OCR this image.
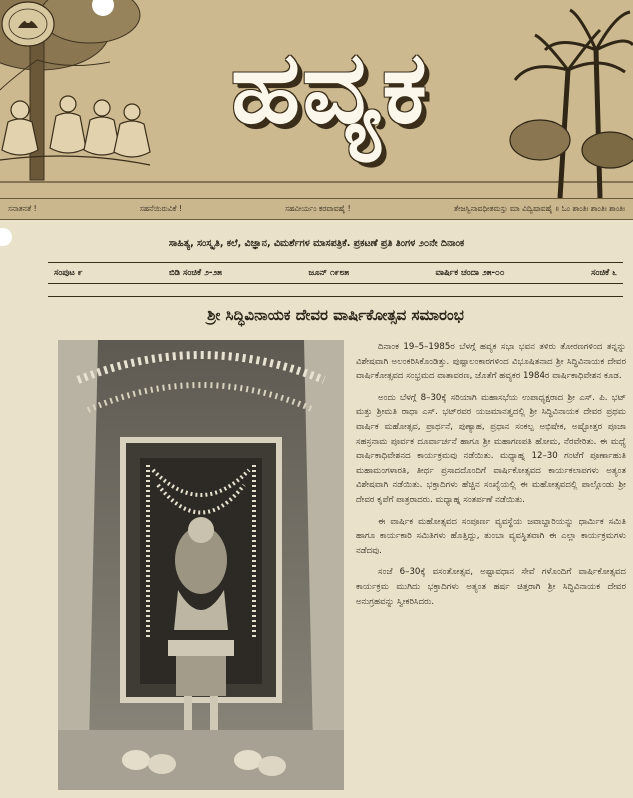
ಹವ್ಯಕ
ಸನಾತನತೆ !	ಸಹನೆಯಿರುವಿಕೆ !	ಸಹವೀರ್ಯಂ ಕರವಾವಹೈ !	ತೇಜಸ್ವಿನಾವಧೀತಮಸ್ತು ಮಾ ವಿದ್ವಿಷಾವಹೈ ॥ ಓಂ ಶಾಂತಿಃ ಶಾಂತಿಃ ಶಾಂತಿಃ
ಸಾಹಿತ್ಯ, ಸಂಸ್ಕೃತಿ, ಕಲೆ, ವಿಜ್ಞಾನ, ವಿಮರ್ಶೆಗಳ ಮಾಸಪತ್ರಿಕೆ. ಪ್ರಕಟಣೆ ಪ್ರತಿ ತಿಂಗಳ ೨೦ನೇ ದಿನಾಂಕ
ಸಂಪುಟ ೯	ಬಿಡಿ ಸಂಚಿಕೆ ೨-೨೫	ಜೂನ್ ೧೯೮೫	ವಾರ್ಷಿಕ ಚಂದಾ ೨೫-೦೦	ಸಂಚಿಕೆ ೬
ಶ್ರೀ ಸಿದ್ಧಿವಿನಾಯಕ ದೇವರ ವಾರ್ಷಿಕೋತ್ಸವ ಸಮಾರಂಭ

ದಿನಾಂಕ 19–5–1985ರ ಬೆಳಗ್ಗೆ ಹವ್ಯಕ ಸಭಾ ಭವನ ತಳಿರು ತೋರಣಗಳಿಂದ ತನ್ನನ್ನು ವಿಶೇಷವಾಗಿ ಅಲಂಕರಿಸಿಕೊಂಡಿತ್ತು. ಪುಷ್ಪಾಲಂಕಾರಗಳಿಂದ ವಿಭೂಷಿತನಾದ ಶ್ರೀ ಸಿದ್ಧಿವಿನಾಯಕ ದೇವರ ವಾರ್ಷಿಕೋತ್ಸವದ ಸಂಭ್ರಮದ ವಾತಾವರಣ, ಜೊತೆಗೆ ಹವ್ಯಕರ 1984ರ ವಾರ್ಷಿಕಾಧಿವೇಶನ ಕೂಡ.

ಅಂದು ಬೆಳಗ್ಗೆ 8–30ಕ್ಕೆ ಸರಿಯಾಗಿ ಮಹಾಸಭೆಯ ಉಪಾಧ್ಯಕ್ಷರಾದ ಶ್ರೀ ಎಸ್. ಪಿ. ಭಟ್ ಮತ್ತು ಶ್ರೀಮತಿ ರಾಧಾ ಎಸ್. ಭಟ್‌ರವರ ಯಜಮಾನತ್ವದಲ್ಲಿ ಶ್ರೀ ಸಿದ್ಧಿವಿನಾಯಕ ದೇವರ ಪ್ರಥಮ ವಾರ್ಷಿಕ ಮಹೋತ್ಸವ, ಪ್ರಾರ್ಥನೆ, ಪುಣ್ಯಾಹ, ಪ್ರಧಾನ ಸಂಕಲ್ಪ ಅಭಿಷೇಕ, ಅಷ್ಟೋತ್ತರ ಪೂಜಾ ಸಹಸ್ರನಾಮ ಪೂರ್ವಕ ದೂರ್ವಾರ್ಚನೆ ಹಾಗೂ ಶ್ರೀ ಮಹಾಗಣಪತಿ ಹೋಮ, ನೆರವೇರಿತು. ಈ ಮಧ್ಯೆ ವಾರ್ಷಿಕಾಧಿವೇಶನದ ಕಾರ್ಯಕ್ರಮವು ನಡೆಯಿತು. ಮಧ್ಯಾಹ್ನ 12–30 ಗಂಟೆಗೆ ಪೂರ್ಣಾಹುತಿ ಮಹಾಮಂಗಳಾರತಿ, ತೀರ್ಥ ಪ್ರಸಾದದೊಂದಿಗೆ ವಾರ್ಷಿಕೋತ್ಸವದ ಕಾರ್ಯಕಲಾಪಗಳು ಅತ್ಯಂತ ವಿಶೇಷವಾಗಿ ನಡೆಯಿತು. ಭಕ್ತಾದಿಗಳು ಹೆಚ್ಚಿನ ಸಂಖ್ಯೆಯಲ್ಲಿ ಈ ಮಹೋತ್ಸವದಲ್ಲಿ ಪಾಲ್ಗೊಂಡು ಶ್ರೀ ದೇವರ ಕೃಪೆಗೆ ಪಾತ್ರರಾದರು. ಮಧ್ಯಾಹ್ನ ಸಂತರ್ಪಣೆ ನಡೆಯಿತು.

ಈ ವಾರ್ಷಿಕ ಮಹೋತ್ಸವದ ಸಂಪೂರ್ಣ ವ್ಯವಸ್ಥೆಯ ಜವಾಬ್ದಾರಿಯನ್ನು ಧಾರ್ಮಿಕ ಸಮಿತಿ ಹಾಗೂ ಕಾರ್ಯಕಾರಿ ಸಮಿತಿಗಳು ಹೊತ್ತಿದ್ದು, ತುಂಬಾ ವ್ಯವಸ್ಥಿತವಾಗಿ ಈ ಎಲ್ಲಾ ಕಾರ್ಯಕ್ರಮಗಳು ನಡೆದವು.

ಸಂಜೆ 6–30ಕ್ಕೆ ವಸಂತೋತ್ಸವ, ಅಷ್ಟಾವಧಾನ ಸೇವೆ ಗಳೊಂದಿಗೆ ವಾರ್ಷಿಕೋತ್ಸವದ ಕಾರ್ಯಕ್ರಮ ಮುಗಿದು ಭಕ್ತಾದಿಗಳು ಅತ್ಯಂತ ಹರ್ಷ ಚಿತ್ತರಾಗಿ ಶ್ರೀ ಸಿದ್ಧಿವಿನಾಯಕ ದೇವರ ಅನುಗ್ರಹವನ್ನು ಸ್ವೀಕರಿಸಿದರು.
